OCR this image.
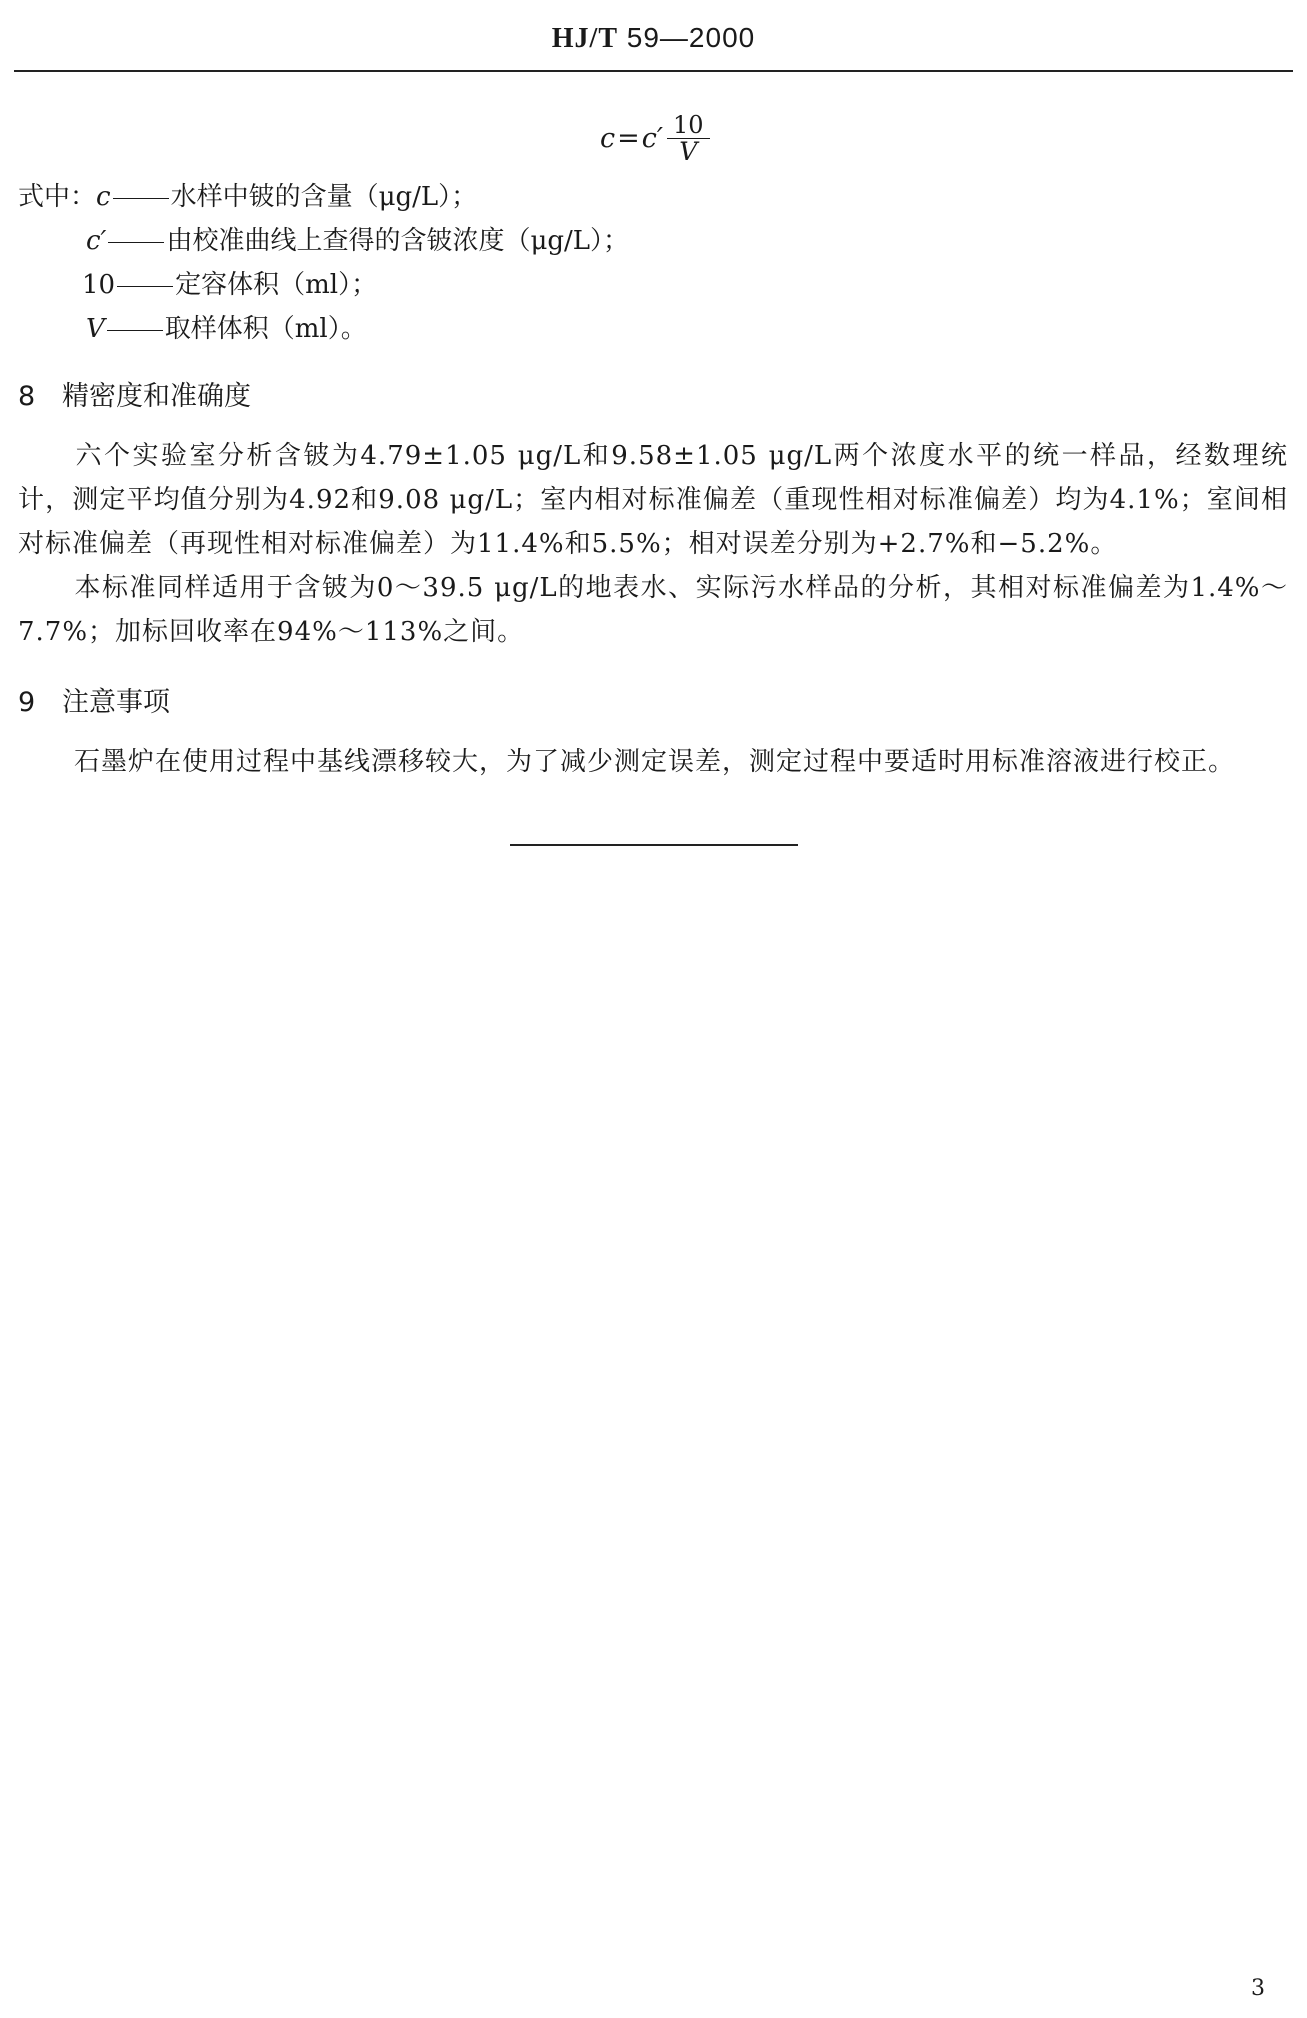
HJ/T 59—2000
$c = c' \frac{10}{V}$
式中：c 水样中铍的含量（μg/L）；
c′ 由校准曲线上查得的含铍浓度（μg/L）；
10 定容体积（ml）；
V 取样体积（ml）。
8 精密度和准确度
六个实验室分析含铍为4.79±1.05 μg/L和9.58±1.05 μg/L两个浓度水平的统一样品，经数理统计，测定平均值分别为4.92和9.08 μg/L；室内相对标准偏差（重现性相对标准偏差）均为4.1%；室间相对标准偏差（再现性相对标准偏差）为11.4%和5.5%；相对误差分别为+2.7%和−5.2%。
本标准同样适用于含铍为0～39.5 μg/L的地表水、实际污水样品的分析，其相对标准偏差为1.4%～7.7%；加标回收率在94%～113%之间。
9 注意事项
石墨炉在使用过程中基线漂移较大，为了减少测定误差，测定过程中要适时用标准溶液进行校正。
3
